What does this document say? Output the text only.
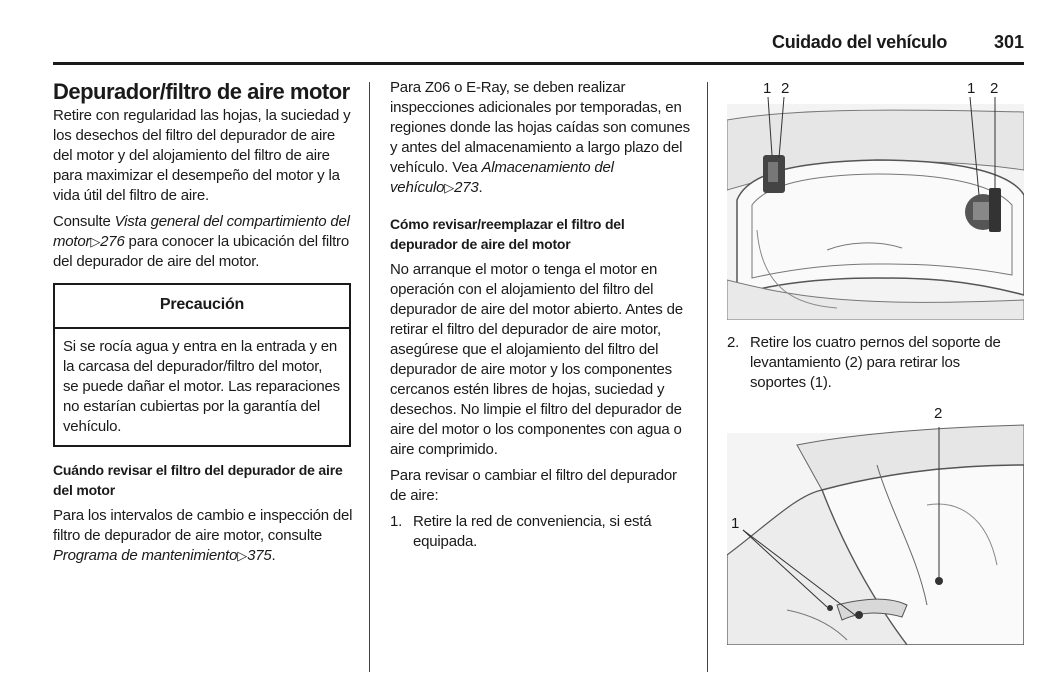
Cuidado del vehículo	301

Depurador/filtro de aire motor

Retire con regularidad las hojas, la suciedad y los desechos del filtro del depurador de aire del motor y del alojamiento del filtro de aire para maximizar el desempeño del motor y la vida útil del filtro de aire.

Consulte Vista general del compartimiento del motor▷276 para conocer la ubicación del filtro del depurador de aire del motor.

Precaución
Si se rocía agua y entra en la entrada y en la carcasa del depurador/filtro del motor, se puede dañar el motor. Las reparaciones no estarían cubiertas por la garantía del vehículo.

Cuándo revisar el filtro del depurador de aire del motor

Para los intervalos de cambio e inspección del filtro de depurador de aire motor, consulte Programa de mantenimiento▷375.

Para Z06 o E-Ray, se deben realizar inspecciones adicionales por temporadas, en regiones donde las hojas caídas son comunes y antes del almacenamiento a largo plazo del vehículo. Vea Almacenamiento del vehículo▷273.

Cómo revisar/reemplazar el filtro del depurador de aire del motor

No arranque el motor o tenga el motor en operación con el alojamiento del filtro del depurador de aire del motor abierto. Antes de retirar el filtro del depurador de aire motor, asegúrese que el alojamiento del filtro del depurador de aire motor y los componentes cercanos estén libres de hojas, suciedad y desechos. No limpie el filtro del depurador de aire del motor o los componentes con agua o aire comprimido.

Para revisar o cambiar el filtro del depurador de aire:

1. Retire la red de conveniencia, si está equipada.
1 2	1 2
2. Retire los cuatro pernos del soporte de levantamiento (2) para retirar los soportes (1).
2
1
